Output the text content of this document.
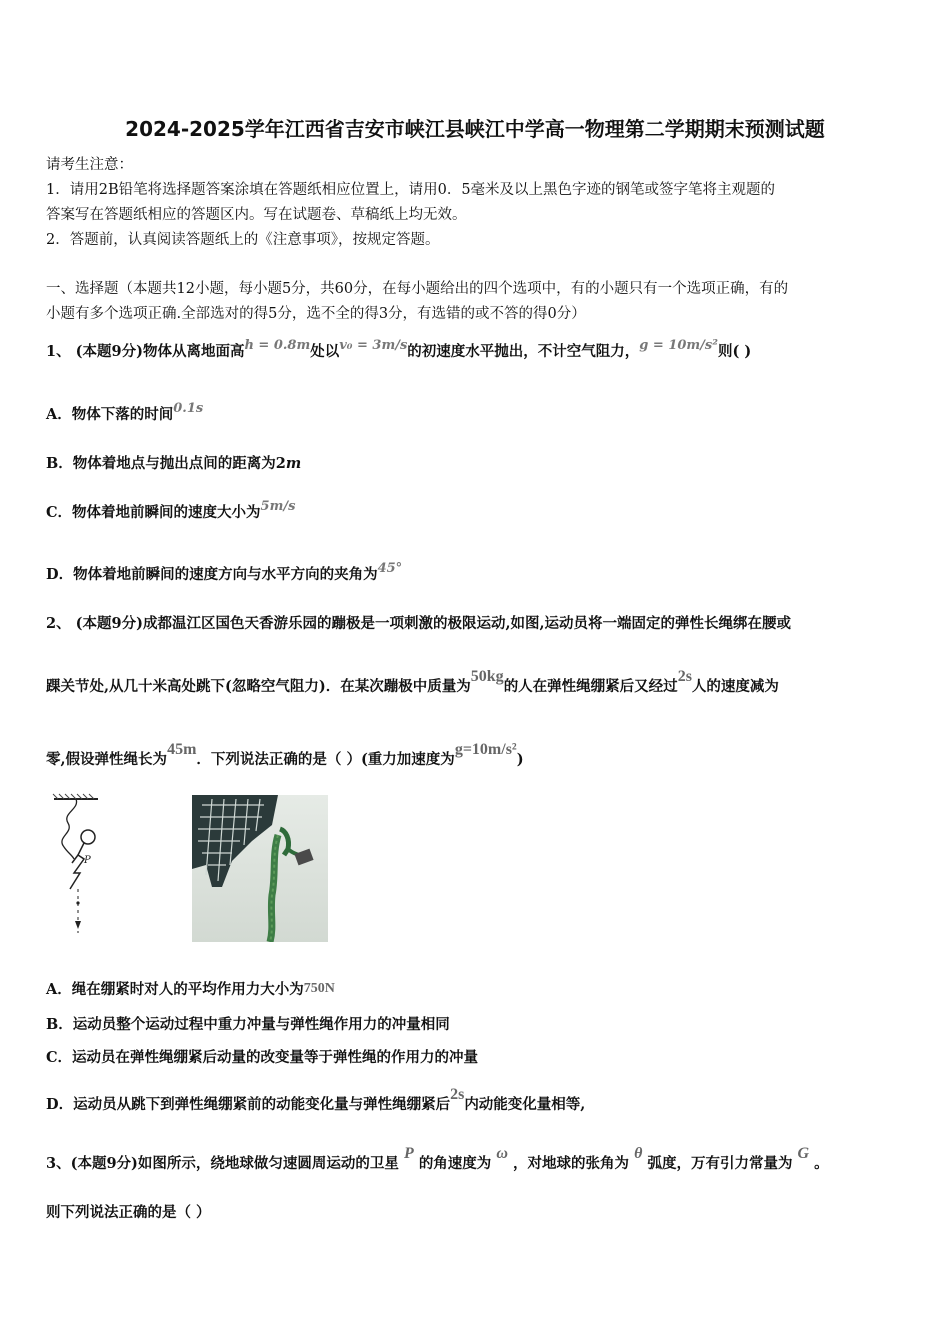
2024-2025学年江西省吉安市峡江县峡江中学高一物理第二学期期末预测试题
请考生注意：
1．请用2B铅笔将选择题答案涂填在答题纸相应位置上，请用0．5毫米及以上黑色字迹的钢笔或签字笔将主观题的
答案写在答题纸相应的答题区内。写在试题卷、草稿纸上均无效。
2．答题前，认真阅读答题纸上的《注意事项》，按规定答题。
一、选择题（本题共12小题，每小题5分，共60分，在每小题给出的四个选项中，有的小题只有一个选项正确，有的
小题有多个选项正确.全部选对的得5分，选不全的得3分，有选错的或不答的得0分）
1、 (本题9分)物体从离地面高h = 0.8m处以v₀ = 3m/s的初速度水平抛出，不计空气阻力，g = 10m/s²则( )
A．物体下落的时间0.1s
B．物体着地点与抛出点间的距离为2m
C．物体着地前瞬间的速度大小为5m/s
D．物体着地前瞬间的速度方向与水平方向的夹角为45°
2、 (本题9分)成都温江区国色天香游乐园的蹦极是一项刺激的极限运动,如图,运动员将一端固定的弹性长绳绑在腰或
踝关节处,从几十米高处跳下(忽略空气阻力)．在某次蹦极中质量为50kg的人在弹性绳绷紧后又经过2s人的速度减为
零,假设弹性绳长为45m．下列说法正确的是（ ）(重力加速度为g=10m/s²)
P
A．绳在绷紧时对人的平均作用力大小为750N
B．运动员整个运动过程中重力冲量与弹性绳作用力的冲量相同
C．运动员在弹性绳绷紧后动量的改变量等于弹性绳的作用力的冲量
D．运动员从跳下到弹性绳绷紧前的动能变化量与弹性绳绷紧后2s内动能变化量相等,
3、(本题9分)如图所示，绕地球做匀速圆周运动的卫星 P 的角速度为 ω ，对地球的张角为 θ 弧度，万有引力常量为 G 。
则下列说法正确的是（ ）
